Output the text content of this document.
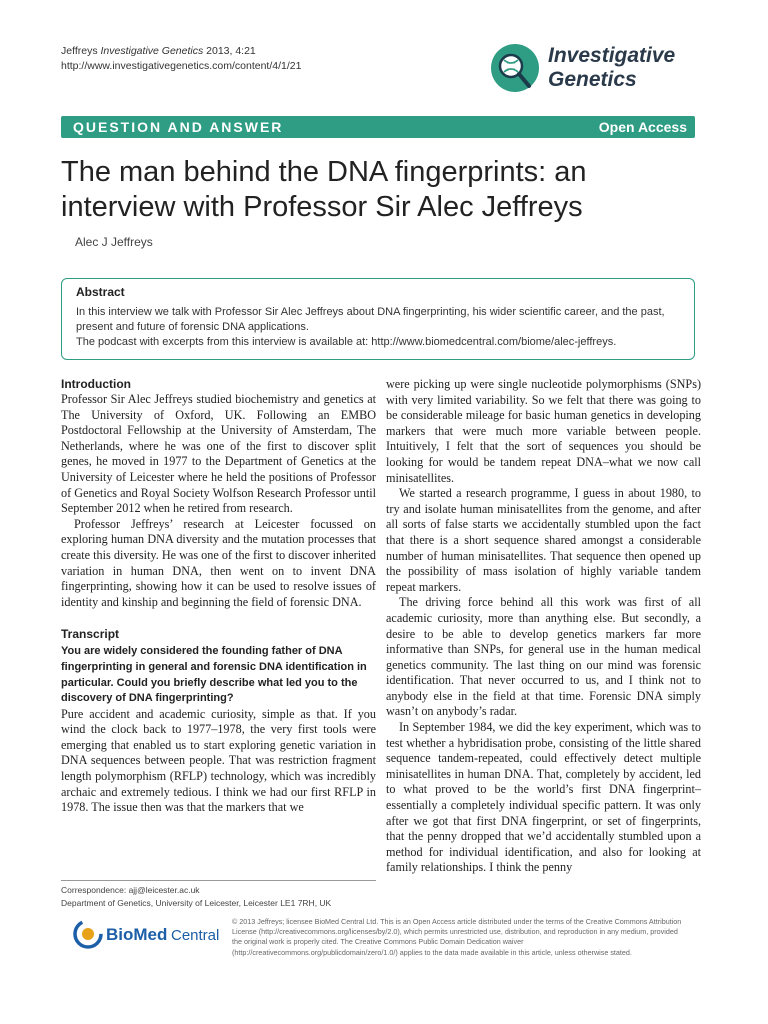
Jeffreys Investigative Genetics 2013, 4:21
http://www.investigativegenetics.com/content/4/1/21	Investigative
Genetics
QUESTION AND ANSWER	Open Access
The man behind the DNA fingerprints: an interview with Professor Sir Alec Jeffreys
Alec J Jeffreys
Abstract

In this interview we talk with Professor Sir Alec Jeffreys about DNA fingerprinting, his wider scientific career, and the past, present and future of forensic DNA applications.

The podcast with excerpts from this interview is available at: http://www.biomedcentral.com/biome/alec-jeffreys.

Introduction

Professor Sir Alec Jeffreys studied biochemistry and genetics at The University of Oxford, UK. Following an EMBO Postdoctoral Fellowship at the University of Amsterdam, The Netherlands, where he was one of the first to discover split genes, he moved in 1977 to the Department of Genetics at the University of Leicester where he held the positions of Professor of Genetics and Royal Society Wolfson Research Professor until September 2012 when he retired from research.

Professor Jeffreys’ research at Leicester focussed on exploring human DNA diversity and the mutation processes that create this diversity. He was one of the first to discover inherited variation in human DNA, then went on to invent DNA fingerprinting, showing how it can be used to resolve issues of identity and kinship and beginning the field of forensic DNA.

Transcript
You are widely considered the founding father of DNA fingerprinting in general and forensic DNA identification in particular. Could you briefly describe what led you to the discovery of DNA fingerprinting?

Pure accident and academic curiosity, simple as that. If you wind the clock back to 1977–1978, the very first tools were emerging that enabled us to start exploring genetic variation in DNA sequences between people. That was restriction fragment length polymorphism (RFLP) technology, which was incredibly archaic and extremely tedious. I think we had our first RFLP in 1978. The issue then was that the markers that we

were picking up were single nucleotide polymorphisms (SNPs) with very limited variability. So we felt that there was going to be considerable mileage for basic human genetics in developing markers that were much more variable between people. Intuitively, I felt that the sort of sequences you should be looking for would be tandem repeat DNA–what we now call minisatellites.

We started a research programme, I guess in about 1980, to try and isolate human minisatellites from the genome, and after all sorts of false starts we accidentally stumbled upon the fact that there is a short sequence shared amongst a considerable number of human minisatellites. That sequence then opened up the possibility of mass isolation of highly variable tandem repeat markers.

The driving force behind all this work was first of all academic curiosity, more than anything else. But secondly, a desire to be able to develop genetics markers far more informative than SNPs, for general use in the human medical genetics community. The last thing on our mind was forensic identification. That never occurred to us, and I think not to anybody else in the field at that time. Forensic DNA simply wasn’t on anybody’s radar.

In September 1984, we did the key experiment, which was to test whether a hybridisation probe, consisting of the little shared sequence tandem-repeated, could effectively detect multiple minisatellites in human DNA. That, completely by accident, led to what proved to be the world’s first DNA fingerprint–essentially a completely individual specific pattern. It was only after we got that first DNA fingerprint, or set of fingerprints, that the penny dropped that we’d accidentally stumbled upon a method for individual identification, and also for looking at family relationships. I think the penny

Correspondence: ajj@leicester.ac.uk
Department of Genetics, University of Leicester, Leicester LE1 7RH, UK
BioMed Central
© 2013 Jeffreys; licensee BioMed Central Ltd. This is an Open Access article distributed under the terms of the Creative Commons Attribution License (http://creativecommons.org/licenses/by/2.0), which permits unrestricted use, distribution, and reproduction in any medium, provided the original work is properly cited. The Creative Commons Public Domain Dedication waiver (http://creativecommons.org/publicdomain/zero/1.0/) applies to the data made available in this article, unless otherwise stated.
